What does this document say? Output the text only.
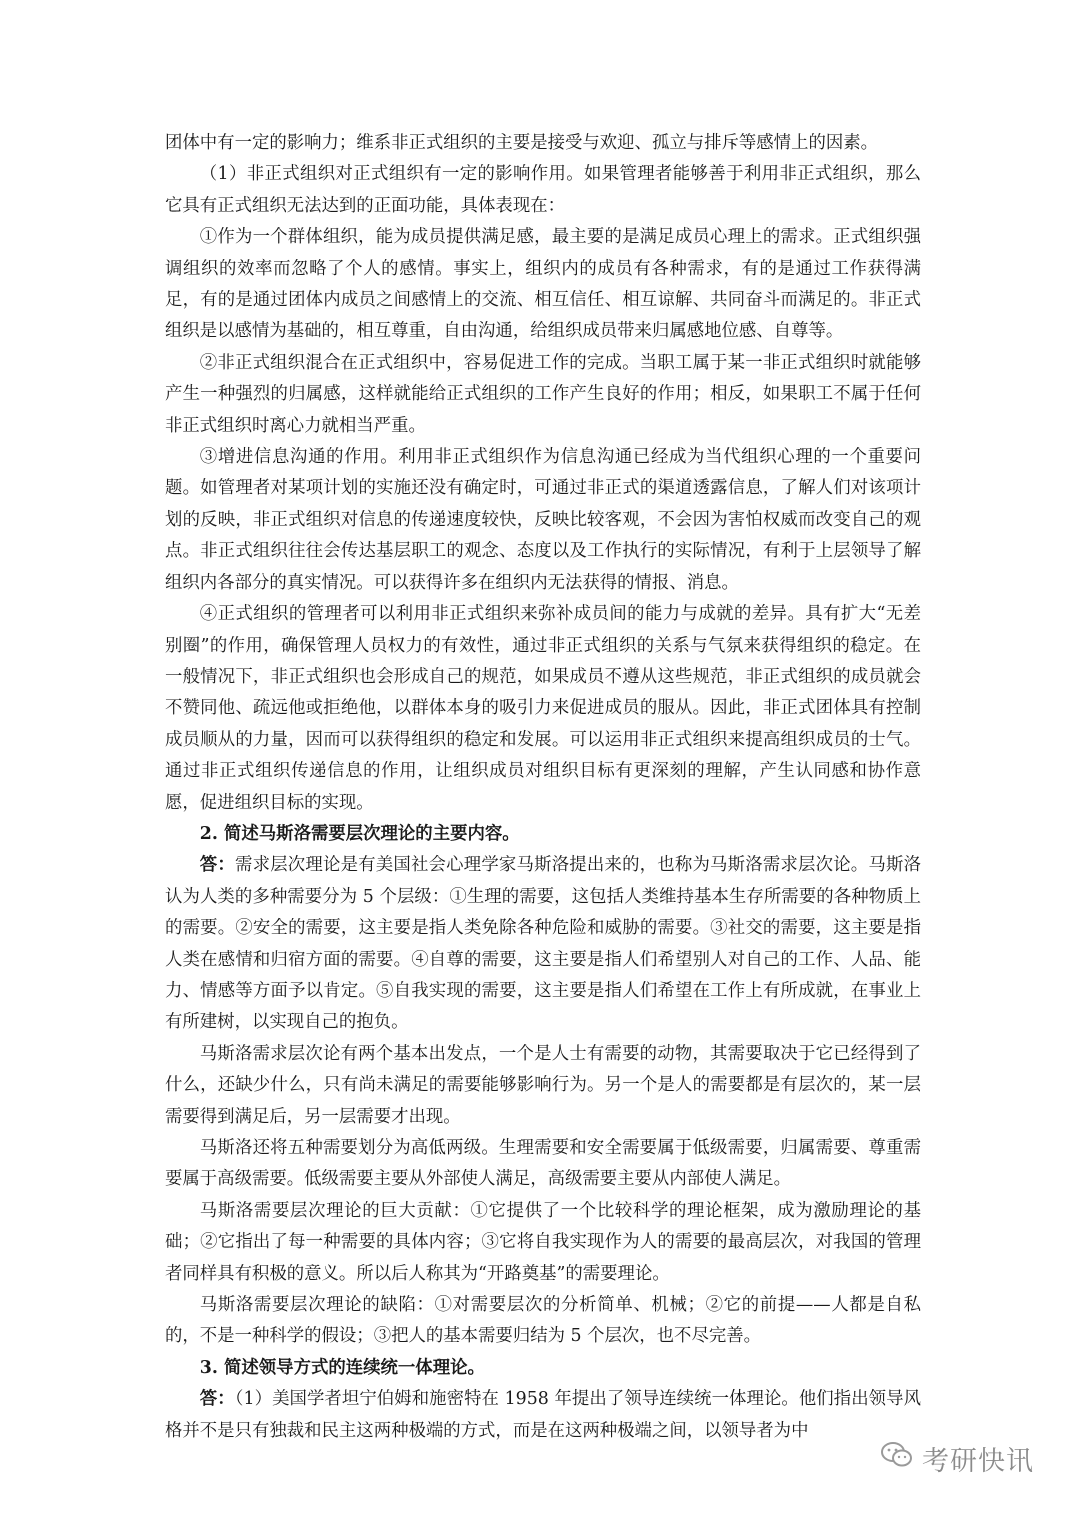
团体中有一定的影响力；维系非正式组织的主要是接受与欢迎、孤立与排斥等感情上的因素。

（1）非正式组织对正式组织有一定的影响作用。如果管理者能够善于利用非正式组织，那么它具有正式组织无法达到的正面功能，具体表现在：

①作为一个群体组织，能为成员提供满足感，最主要的是满足成员心理上的需求。正式组织强调组织的效率而忽略了个人的感情。事实上，组织内的成员有各种需求，有的是通过工作获得满足，有的是通过团体内成员之间感情上的交流、相互信任、相互谅解、共同奋斗而满足的。非正式组织是以感情为基础的，相互尊重，自由沟通，给组织成员带来归属感地位感、自尊等。

②非正式组织混合在正式组织中，容易促进工作的完成。当职工属于某一非正式组织时就能够产生一种强烈的归属感，这样就能给正式组织的工作产生良好的作用；相反，如果职工不属于任何非正式组织时离心力就相当严重。

③增进信息沟通的作用。利用非正式组织作为信息沟通已经成为当代组织心理的一个重要问题。如管理者对某项计划的实施还没有确定时，可通过非正式的渠道透露信息，了解人们对该项计划的反映，非正式组织对信息的传递速度较快，反映比较客观，不会因为害怕权威而改变自己的观点。非正式组织往往会传达基层职工的观念、态度以及工作执行的实际情况，有利于上层领导了解组织内各部分的真实情况。可以获得许多在组织内无法获得的情报、消息。

④正式组织的管理者可以利用非正式组织来弥补成员间的能力与成就的差异。具有扩大“无差别圈”的作用，确保管理人员权力的有效性，通过非正式组织的关系与气氛来获得组织的稳定。在一般情况下，非正式组织也会形成自己的规范，如果成员不遵从这些规范，非正式组织的成员就会不赞同他、疏远他或拒绝他，以群体本身的吸引力来促进成员的服从。因此，非正式团体具有控制成员顺从的力量，因而可以获得组织的稳定和发展。可以运用非正式组织来提高组织成员的士气。通过非正式组织传递信息的作用，让组织成员对组织目标有更深刻的理解，产生认同感和协作意愿，促进组织目标的实现。

2. 简述马斯洛需要层次理论的主要内容。

答：需求层次理论是有美国社会心理学家马斯洛提出来的，也称为马斯洛需求层次论。马斯洛认为人类的多种需要分为 5 个层级：①生理的需要，这包括人类维持基本生存所需要的各种物质上的需要。②安全的需要，这主要是指人类免除各种危险和威胁的需要。③社交的需要，这主要是指人类在感情和归宿方面的需要。④自尊的需要，这主要是指人们希望别人对自己的工作、人品、能力、情感等方面予以肯定。⑤自我实现的需要，这主要是指人们希望在工作上有所成就，在事业上有所建树，以实现自己的抱负。

马斯洛需求层次论有两个基本出发点，一个是人士有需要的动物，其需要取决于它已经得到了什么，还缺少什么，只有尚未满足的需要能够影响行为。另一个是人的需要都是有层次的，某一层需要得到满足后，另一层需要才出现。

马斯洛还将五种需要划分为高低两级。生理需要和安全需要属于低级需要，归属需要、尊重需要属于高级需要。低级需要主要从外部使人满足，高级需要主要从内部使人满足。

马斯洛需要层次理论的巨大贡献：①它提供了一个比较科学的理论框架，成为激励理论的基础；②它指出了每一种需要的具体内容；③它将自我实现作为人的需要的最高层次，对我国的管理者同样具有积极的意义。所以后人称其为“开路奠基”的需要理论。

马斯洛需要层次理论的缺陷：①对需要层次的分析简单、机械；②它的前提——人都是自私的，不是一种科学的假设；③把人的基本需要归结为 5 个层次，也不尽完善。

3. 简述领导方式的连续统一体理论。

答：（1）美国学者坦宁伯姆和施密特在 1958 年提出了领导连续统一体理论。他们指出领导风格并不是只有独裁和民主这两种极端的方式，而是在这两种极端之间，以领导者为中

考研快讯
